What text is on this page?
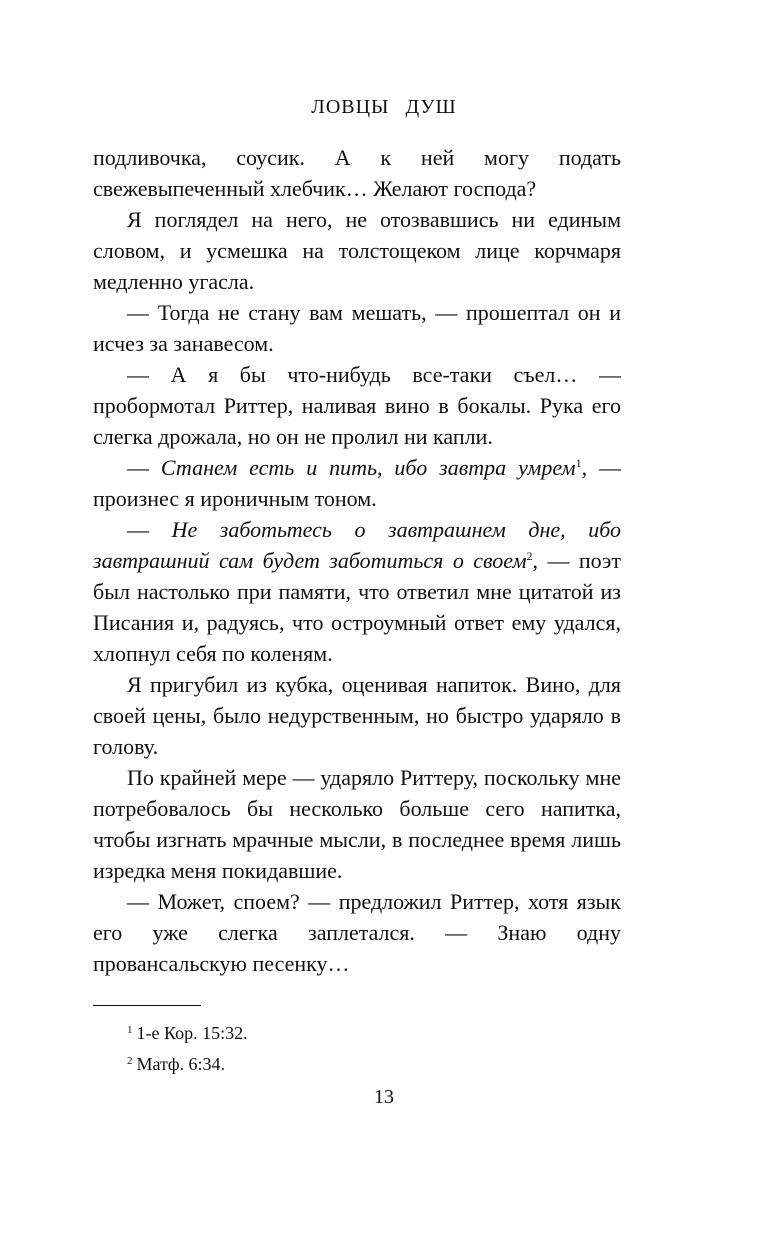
ЛОВЦЫ ДУШ

подливочка, соусик. А к ней могу подать свежевыпеченный хлебчик… Желают господа?

Я поглядел на него, не отозвавшись ни единым словом, и усмешка на толстощеком лице корчмаря медленно угасла.

— Тогда не стану вам мешать, — прошептал он и исчез за занавесом.

— А я бы что-нибудь все-таки съел… — пробормотал Риттер, наливая вино в бокалы. Рука его слегка дрожала, но он не пролил ни капли.

— Станем есть и пить, ибо завтра умрем$^1$, — произнес я ироничным тоном.

— Не заботьтесь о завтрашнем дне, ибо завтрашний сам будет заботиться о своем$^2$, — поэт был настолько при памяти, что ответил мне цитатой из Писания и, радуясь, что остроумный ответ ему удался, хлопнул себя по коленям.

Я пригубил из кубка, оценивая напиток. Вино, для своей цены, было недурственным, но быстро ударяло в голову.

По крайней мере — ударяло Риттеру, поскольку мне потребовалось бы несколько больше сего напитка, чтобы изгнать мрачные мысли, в последнее время лишь изредка меня покидавшие.

— Может, споем? — предложил Риттер, хотя язык его уже слегка заплетался. — Знаю одну провансальскую песенку…

$^1$ 1-е Кор. 15:32.
$^2$ Матф. 6:34.
13
